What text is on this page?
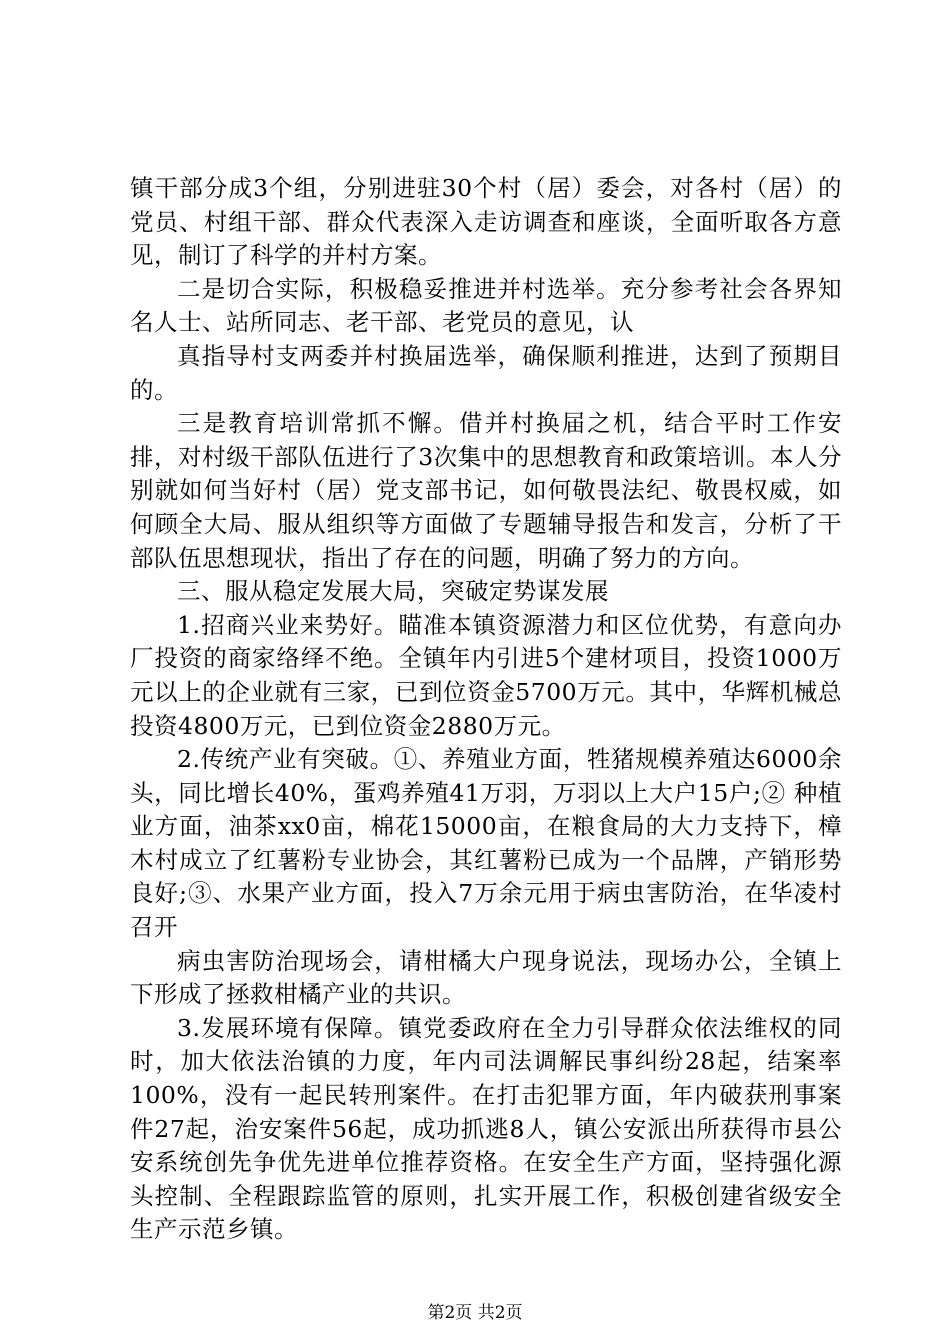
镇干部分成3个组，分别进驻30个村（居）委会，对各村（居）的党员、村组干部、群众代表深入走访调查和座谈，全面听取各方意见，制订了科学的并村方案。

二是切合实际，积极稳妥推进并村选举。充分参考社会各界知名人士、站所同志、老干部、老党员的意见，认

真指导村支两委并村换届选举，确保顺利推进，达到了预期目的。

三是教育培训常抓不懈。借并村换届之机，结合平时工作安排，对村级干部队伍进行了3次集中的思想教育和政策培训。本人分别就如何当好村（居）党支部书记，如何敬畏法纪、敬畏权威，如何顾全大局、服从组织等方面做了专题辅导报告和发言，分析了干部队伍思想现状，指出了存在的问题，明确了努力的方向。

三、服从稳定发展大局，突破定势谋发展

1.招商兴业来势好。瞄准本镇资源潜力和区位优势，有意向办厂投资的商家络绎不绝。全镇年内引进5个建材项目，投资1000万元以上的企业就有三家，已到位资金5700万元。其中，华辉机械总投资4800万元，已到位资金2880万元。

2.传统产业有突破。①、养殖业方面，牲猪规模养殖达6000余头，同比增长40%，蛋鸡养殖41万羽，万羽以上大户15户;② 种植业方面，油茶xx0亩，棉花15000亩，在粮食局的大力支持下，樟木村成立了红薯粉专业协会，其红薯粉已成为一个品牌，产销形势良好;③、水果产业方面，投入7万余元用于病虫害防治，在华凌村召开

病虫害防治现场会，请柑橘大户现身说法，现场办公，全镇上下形成了拯救柑橘产业的共识。

3.发展环境有保障。镇党委政府在全力引导群众依法维权的同时，加大依法治镇的力度，年内司法调解民事纠纷28起，结案率100%，没有一起民转刑案件。在打击犯罪方面，年内破获刑事案件27起，治安案件56起，成功抓逃8人，镇公安派出所获得市县公安系统创先争优先进单位推荐资格。在安全生产方面，坚持强化源头控制、全程跟踪监管的原则，扎实开展工作，积极创建省级安全生产示范乡镇。

第2页 共2页
